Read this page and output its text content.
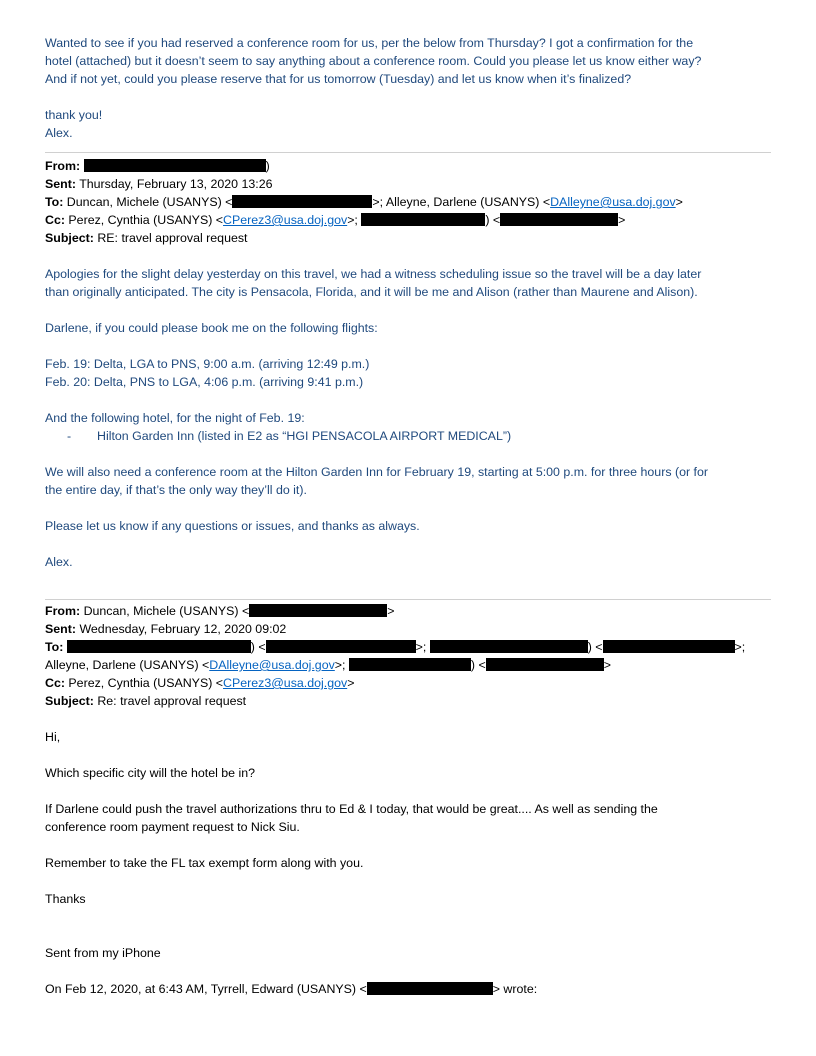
Wanted to see if you had reserved a conference room for us, per the below from Thursday? I got a confirmation for the

hotel (attached) but it doesn’t seem to say anything about a conference room. Could you please let us know either way?

And if not yet, could you please reserve that for us tomorrow (Tuesday) and let us know when it’s finalized?

thank you!

Alex.

From:	)

Sent: Thursday, February 13, 2020 13:26

To: Duncan, Michele (USANYS) <	>; Alleyne, Darlene (USANYS) <DAlleyne@usa.doj.gov>

Cc: Perez, Cynthia (USANYS) <CPerez3@usa.doj.gov>;	) <	>

Subject: RE: travel approval request

Apologies for the slight delay yesterday on this travel, we had a witness scheduling issue so the travel will be a day later

than originally anticipated. The city is Pensacola, Florida, and it will be me and Alison (rather than Maurene and Alison).

Darlene, if you could please book me on the following flights:

Feb. 19: Delta, LGA to PNS, 9:00 a.m. (arriving 12:49 p.m.)

Feb. 20: Delta, PNS to LGA, 4:06 p.m. (arriving 9:41 p.m.)

And the following hotel, for the night of Feb. 19:

- Hilton Garden Inn (listed in E2 as “HGI PENSACOLA AIRPORT MEDICAL”)

We will also need a conference room at the Hilton Garden Inn for February 19, starting at 5:00 p.m. for three hours (or for

the entire day, if that’s the only way they’ll do it).

Please let us know if any questions or issues, and thanks as always.

Alex.

From: Duncan, Michele (USANYS) <	>

Sent: Wednesday, February 12, 2020 09:02

To:	) <	>;	) <	>;

Alleyne, Darlene (USANYS) <DAlleyne@usa.doj.gov>;	) <	>

Cc: Perez, Cynthia (USANYS) <CPerez3@usa.doj.gov>

Subject: Re: travel approval request

Hi,

Which specific city will the hotel be in?

If Darlene could push the travel authorizations thru to Ed & I today, that would be great.... As well as sending the

conference room payment request to Nick Siu.

Remember to take the FL tax exempt form along with you.

Thanks

Sent from my iPhone

On Feb 12, 2020, at 6:43 AM, Tyrrell, Edward (USANYS) <	> wrote:
